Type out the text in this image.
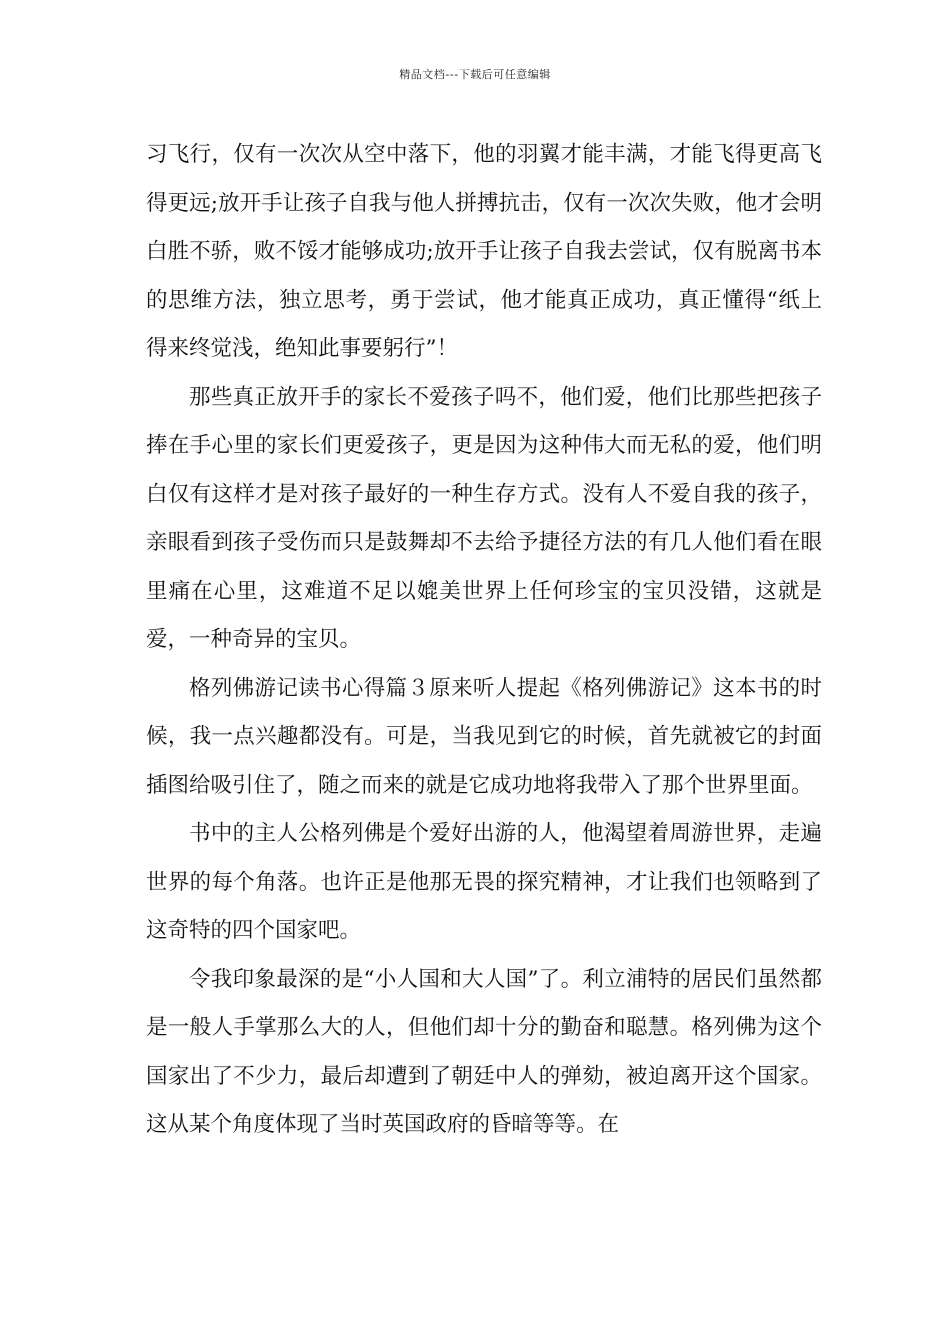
精品文档---下载后可任意编辑

习飞行，仅有一次次从空中落下，他的羽翼才能丰满，才能飞得更高飞得更远;放开手让孩子自我与他人拼搏抗击，仅有一次次失败，他才会明白胜不骄，败不馁才能够成功;放开手让孩子自我去尝试，仅有脱离书本的思维方法，独立思考，勇于尝试，他才能真正成功，真正懂得“纸上得来终觉浅，绝知此事要躬行”！

那些真正放开手的家长不爱孩子吗不，他们爱，他们比那些把孩子捧在手心里的家长们更爱孩子，更是因为这种伟大而无私的爱，他们明白仅有这样才是对孩子最好的一种生存方式。没有人不爱自我的孩子，亲眼看到孩子受伤而只是鼓舞却不去给予捷径方法的有几人他们看在眼里痛在心里，这难道不足以媲美世界上任何珍宝的宝贝没错，这就是爱，一种奇异的宝贝。

格列佛游记读书心得篇３原来听人提起《格列佛游记》这本书的时候，我一点兴趣都没有。可是，当我见到它的时候，首先就被它的封面插图给吸引住了，随之而来的就是它成功地将我带入了那个世界里面。

书中的主人公格列佛是个爱好出游的人，他渴望着周游世界，走遍世界的每个角落。也许正是他那无畏的探究精神，才让我们也领略到了这奇特的四个国家吧。

令我印象最深的是“小人国和大人国”了。利立浦特的居民们虽然都是一般人手掌那么大的人，但他们却十分的勤奋和聪慧。格列佛为这个国家出了不少力，最后却遭到了朝廷中人的弹劾，被迫离开这个国家。这从某个角度体现了当时英国政府的昏暗等等。在
